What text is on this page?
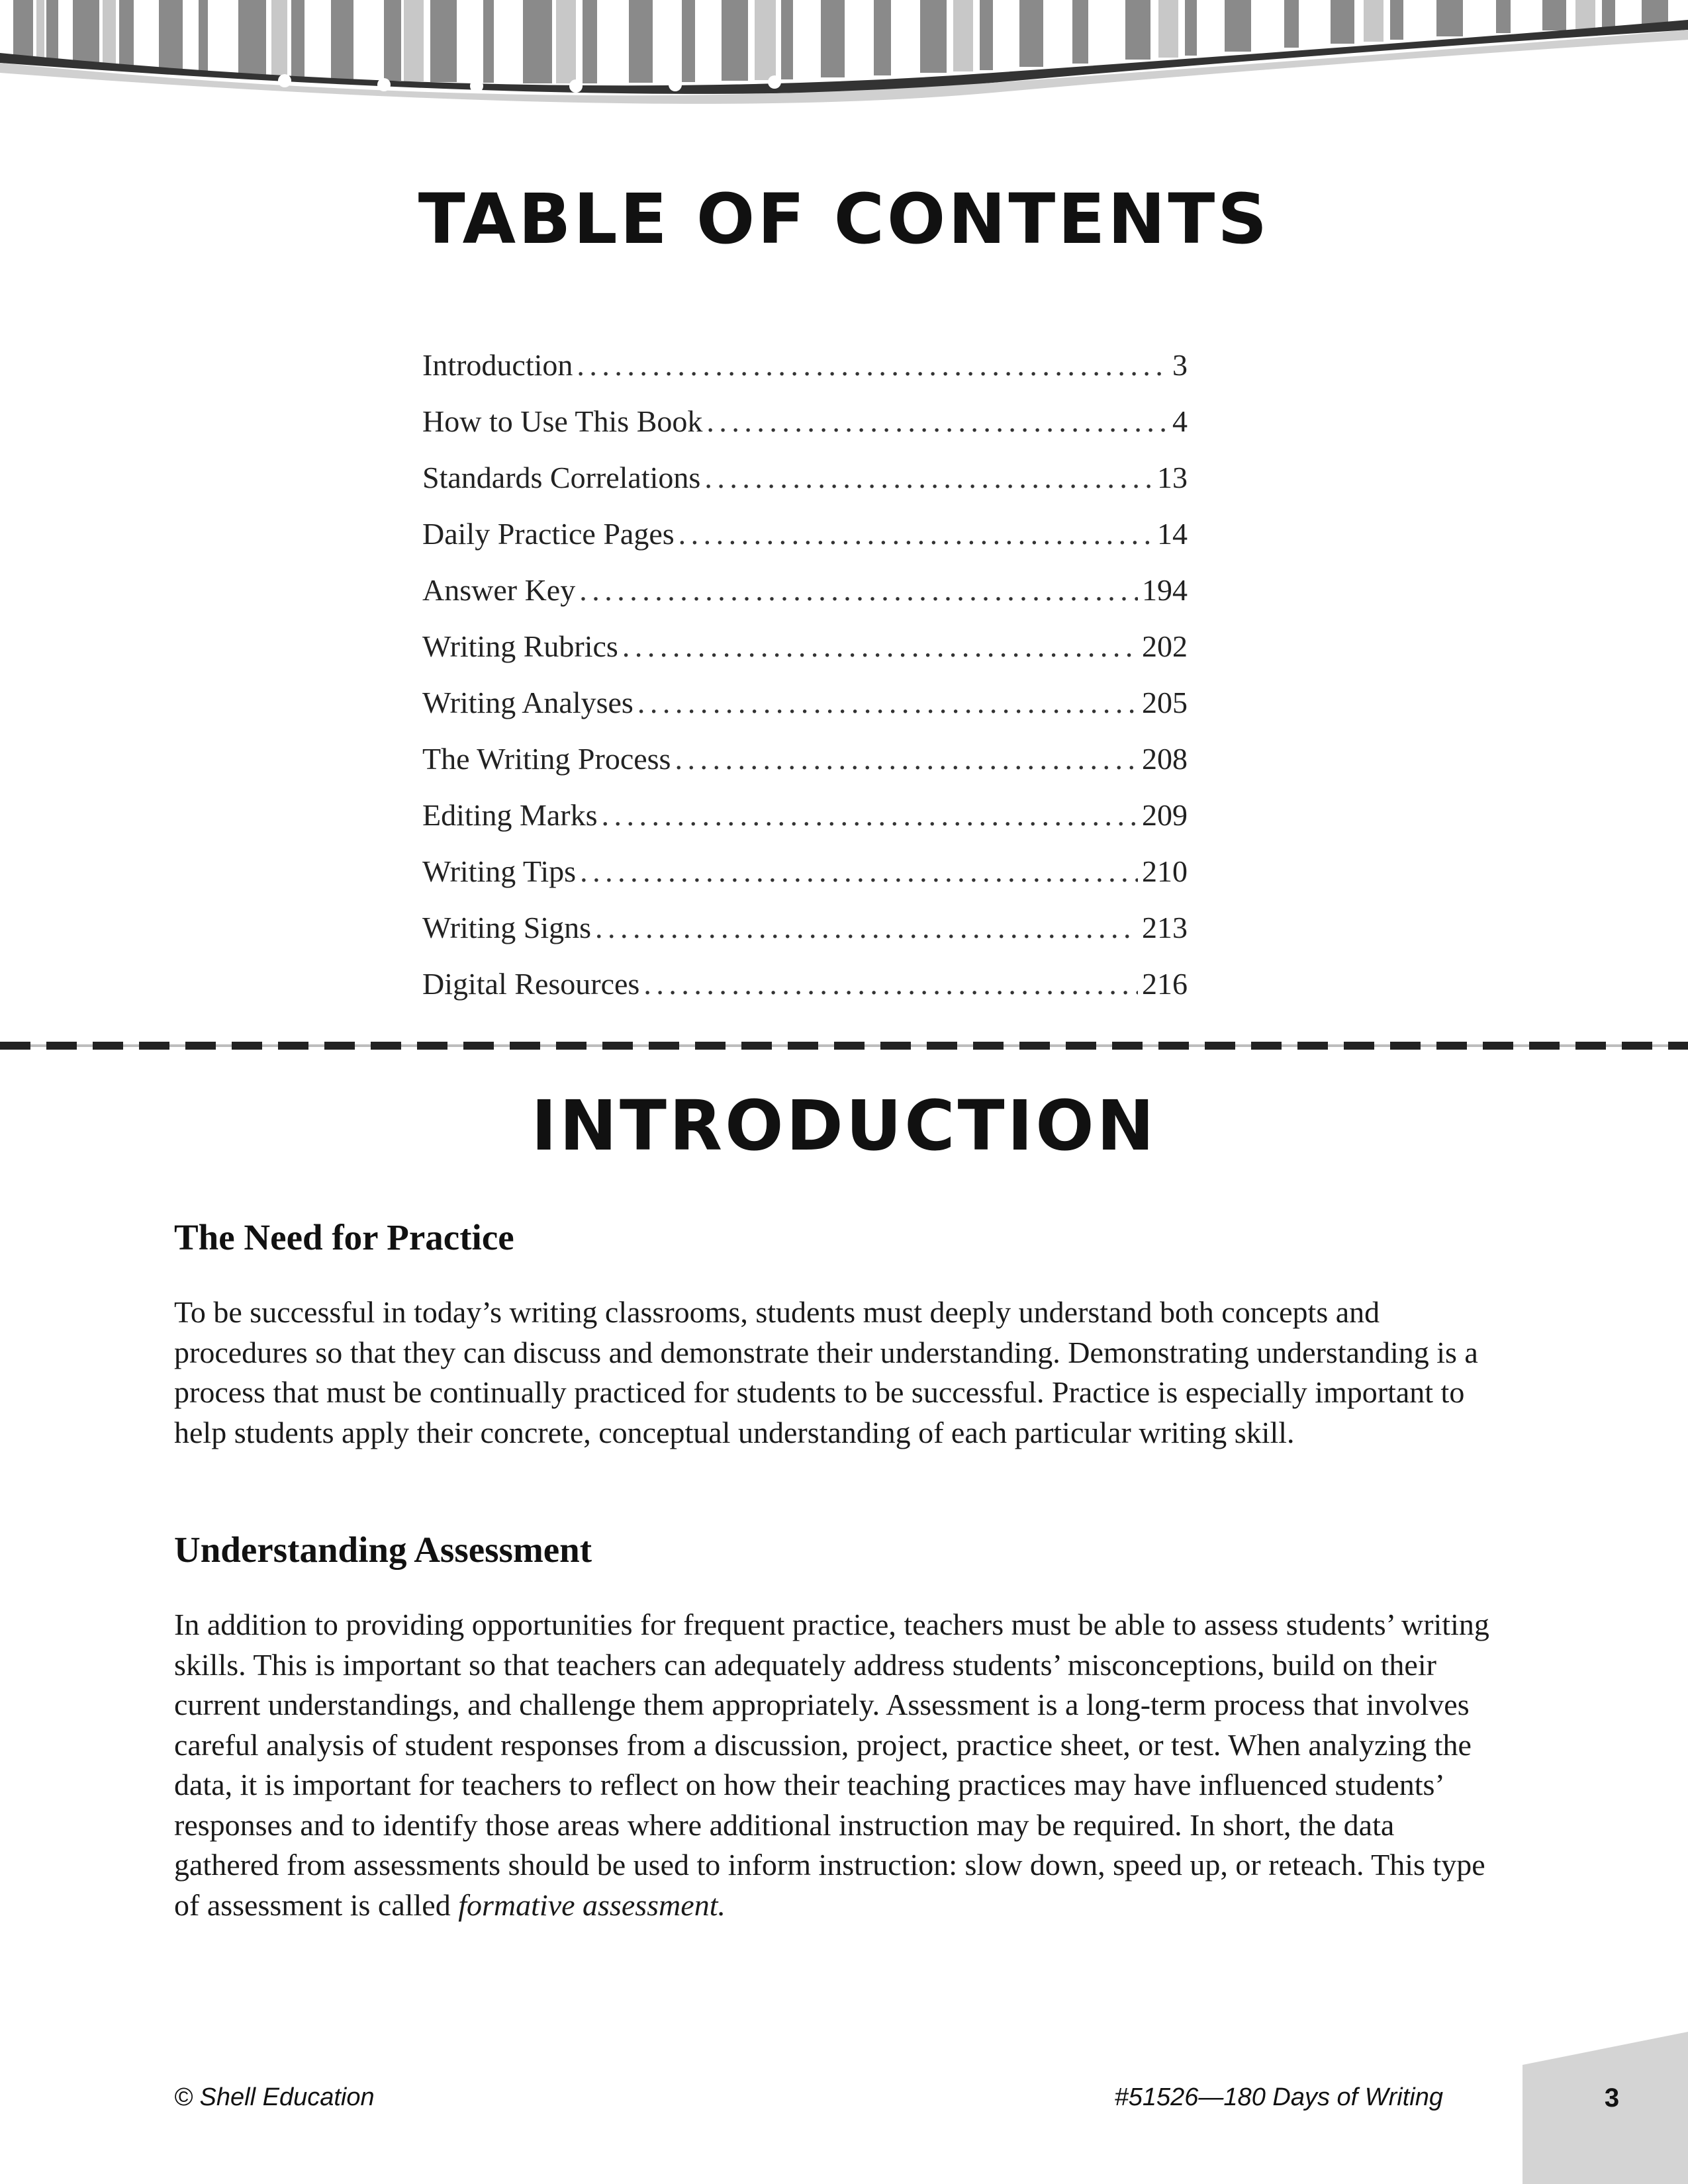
TABLE OF CONTENTS
Introduction . . .	3
How to Use This Book . . .	4
Standards Correlations . . .	13
Daily Practice Pages . . .	14
Answer Key . . .	194
Writing Rubrics . . .	202
Writing Analyses . . .	205
The Writing Process . . .	208
Editing Marks . . .	209
Writing Tips . . .	210
Writing Signs . . .	213
Digital Resources . . .	216
INTRODUCTION
The Need for Practice

To be successful in today’s writing classrooms, students must deeply understand both concepts and procedures so that they can discuss and demonstrate their understanding. Demonstrating understanding is a process that must be continually practiced for students to be successful. Practice is especially important to help students apply their concrete, conceptual understanding of each particular writing skill.

Understanding Assessment

In addition to providing opportunities for frequent practice, teachers must be able to assess students’ writing skills. This is important so that teachers can adequately address students’ misconceptions, build on their current understandings, and challenge them appropriately. Assessment is a long-term process that involves careful analysis of student responses from a discussion, project, practice sheet, or test. When analyzing the data, it is important for teachers to reflect on how their teaching practices may have influenced students’ responses and to identify those areas where additional instruction may be required. In short, the data gathered from assessments should be used to inform instruction: slow down, speed up, or reteach. This type of assessment is called formative assessment.

© Shell Education	#51526—180 Days of Writing	3
